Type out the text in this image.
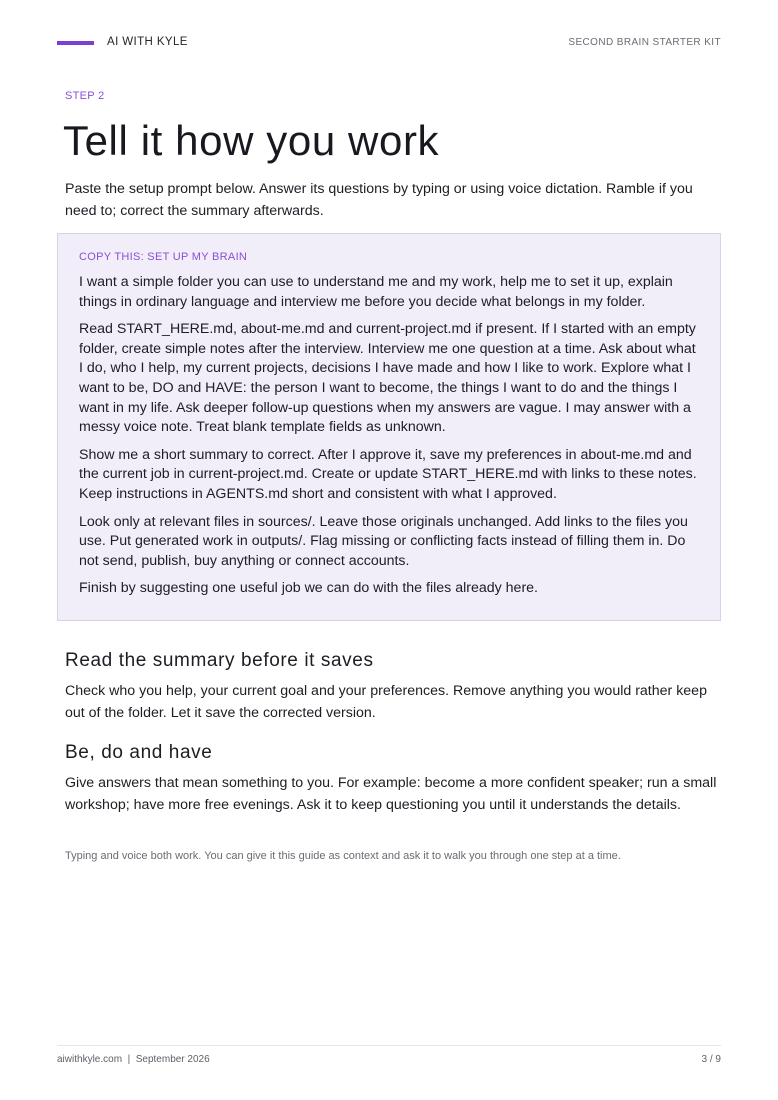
AI WITH KYLE	SECOND BRAIN STARTER KIT
STEP 2
Tell it how you work

Paste the setup prompt below. Answer its questions by typing or using voice dictation. Ramble if you need to; correct the summary afterwards.

COPY THIS: SET UP MY BRAIN

I want a simple folder you can use to understand me and my work, help me to set it up, explain things in ordinary language and interview me before you decide what belongs in my folder.

Read START_HERE.md, about-me.md and current-project.md if present. If I started with an empty folder, create simple notes after the interview. Interview me one question at a time. Ask about what I do, who I help, my current projects, decisions I have made and how I like to work. Explore what I want to be, DO and HAVE: the person I want to become, the things I want to do and the things I want in my life. Ask deeper follow-up questions when my answers are vague. I may answer with a messy voice note. Treat blank template fields as unknown.

Show me a short summary to correct. After I approve it, save my preferences in about-me.md and the current job in current-project.md. Create or update START_HERE.md with links to these notes. Keep instructions in AGENTS.md short and consistent with what I approved.

Look only at relevant files in sources/. Leave those originals unchanged. Add links to the files you use. Put generated work in outputs/. Flag missing or conflicting facts instead of filling them in. Do not send, publish, buy anything or connect accounts.

Finish by suggesting one useful job we can do with the files already here.

Read the summary before it saves

Check who you help, your current goal and your preferences. Remove anything you would rather keep out of the folder. Let it save the corrected version.

Be, do and have

Give answers that mean something to you. For example: become a more confident speaker; run a small workshop; have more free evenings. Ask it to keep questioning you until it understands the details.

Typing and voice both work. You can give it this guide as context and ask it to walk you through one step at a time.
aiwithkyle.com  |  September 2026	3 / 9
